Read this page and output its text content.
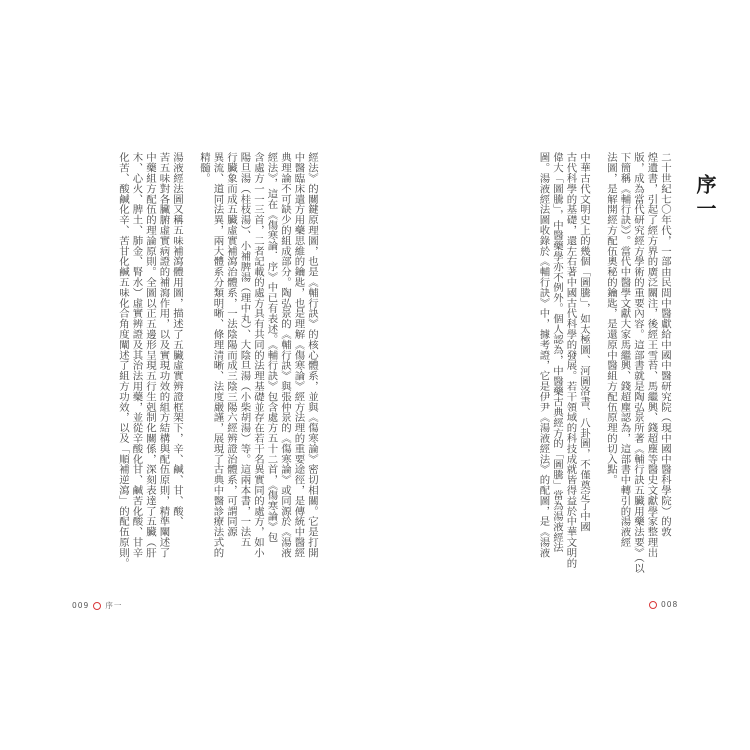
經法》的關鍵原理圖，也是《輔行訣》的核心體系，並與《傷寒論》密切相關。它是打開
中醫臨床遣方用藥思維的鑰匙，也是理解《傷寒論》經方法理的重要途徑，是傳統中醫經
典理論不可缺少的組成部分。陶弘景的《輔行訣》與張仲景的《傷寒論》或同源於《湯液
經法》，這在《傷寒論．序》中已有表述。《輔行訣》包含處方五十二首，《傷寒論》包
含處方一一三首，二者記載的處方具有共同的法理基礎並存在若干名異實同的處方，如小
陽旦湯（桂枝湯）、小補脾湯（理中丸）、大陰旦湯（小柴胡湯）等。這兩本書，一法五
行臟象而成五臟虛實補瀉治體系，一法陰陽而成三陰三陽六經辨證治體系，可謂同源
異流、道同法異，兩大體系分類明晰、條理清晰、法度嚴謹，展現了古典中醫診療法式的
精髓。
湯液經法圖又稱五味補瀉體用圖，描述了五臟虛實辨證框架下，辛、鹹、甘、酸、
苦五味對各臟腑虛實病證的補瀉作用，以及實現功效的組方結構與配伍原則，精準闡述了
中藥組方配伍的理論原則。全圖以正五邊形呈現五行生剋制化關係，深刻表達了五臟（肝
木、心火、脾土、肺金、腎水）虛實辨證及其治法用藥，並從辛酸化甘、鹹苦化酸、甘辛
化苦、酸鹹化辛、苦甘化鹹五味化合角度闡述了組方功效，以及「順補逆瀉」的配伍原則。
009 序一
二十世紀七〇年代，一部由民間中醫獻給中國中醫研究院（現中國中醫科學院）的敦
煌遺書，引起了經方界的廣泛關注，後經王雪苔、馬繼興、錢超塵等醫史文獻學家整理出
版，成為當代研究經方學術的重要內容。這部書就是陶弘景所著《輔行訣五臟用藥法要》（以
下簡稱《輔行訣》）。當代中醫學文獻大家馬繼興、錢超塵認為，這部書中轉引的湯液經
法圖，是解開經方配伍奧秘的鑰匙，是還原中醫組方配伍原理的切入點。
中華古代文明史上的幾個「圖騰」，如太極圖、河圖洛書、八卦圖，不僅奠定了中國
古代科學的基礎，還左右著中國古代科學的發展。若干領域的科技成就皆得益於中華文明的
偉大「圖騰」，中醫藥學亦不例外。個人認為，中醫藥古典經方的「圖騰」當為湯液經法
圖。湯液經法圖收錄於《輔行訣》中，據考證，它是伊尹《湯液經法》的配圖，是《湯液
008
序一
